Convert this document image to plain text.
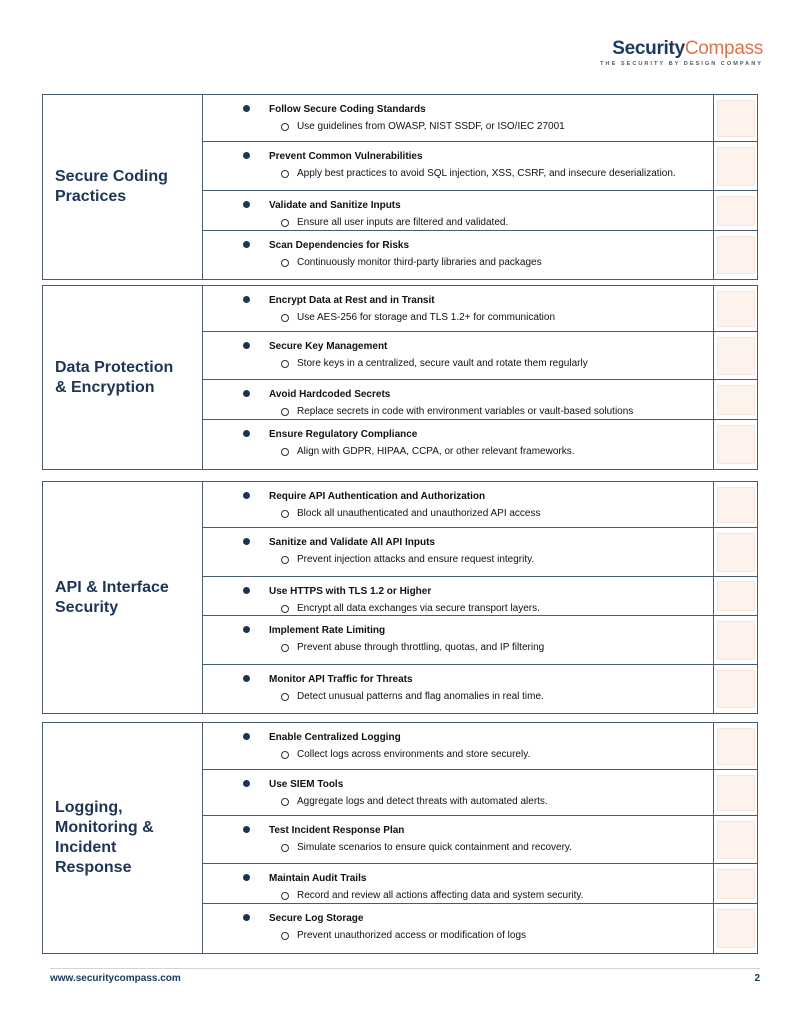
SecurityCompass
THE SECURITY BY DESIGN COMPANY
Secure Coding Practices
Follow Secure Coding Standards
Use guidelines from OWASP, NIST SSDF, or ISO/IEC 27001
Prevent Common Vulnerabilities
Apply best practices to avoid SQL injection, XSS, CSRF, and insecure deserialization.
Validate and Sanitize Inputs
Ensure all user inputs are filtered and validated.
Scan Dependencies for Risks
Continuously monitor third-party libraries and packages
Data Protection & Encryption
Encrypt Data at Rest and in Transit
Use AES-256 for storage and TLS 1.2+ for communication
Secure Key Management
Store keys in a centralized, secure vault and rotate them regularly
Avoid Hardcoded Secrets
Replace secrets in code with environment variables or vault-based solutions
Ensure Regulatory Compliance
Align with GDPR, HIPAA, CCPA, or other relevant frameworks.
API & Interface Security
Require API Authentication and Authorization
Block all unauthenticated and unauthorized API access
Sanitize and Validate All API Inputs
Prevent injection attacks and ensure request integrity.
Use HTTPS with TLS 1.2 or Higher
Encrypt all data exchanges via secure transport layers.
Implement Rate Limiting
Prevent abuse through throttling, quotas, and IP filtering
Monitor API Traffic for Threats
Detect unusual patterns and flag anomalies in real time.
Logging, Monitoring & Incident Response
Enable Centralized Logging
Collect logs across environments and store securely.
Use SIEM Tools
Aggregate logs and detect threats with automated alerts.
Test Incident Response Plan
Simulate scenarios to ensure quick containment and recovery.
Maintain Audit Trails
Record and review all actions affecting data and system security.
Secure Log Storage
Prevent unauthorized access or modification of logs
www.securitycompass.com	2
